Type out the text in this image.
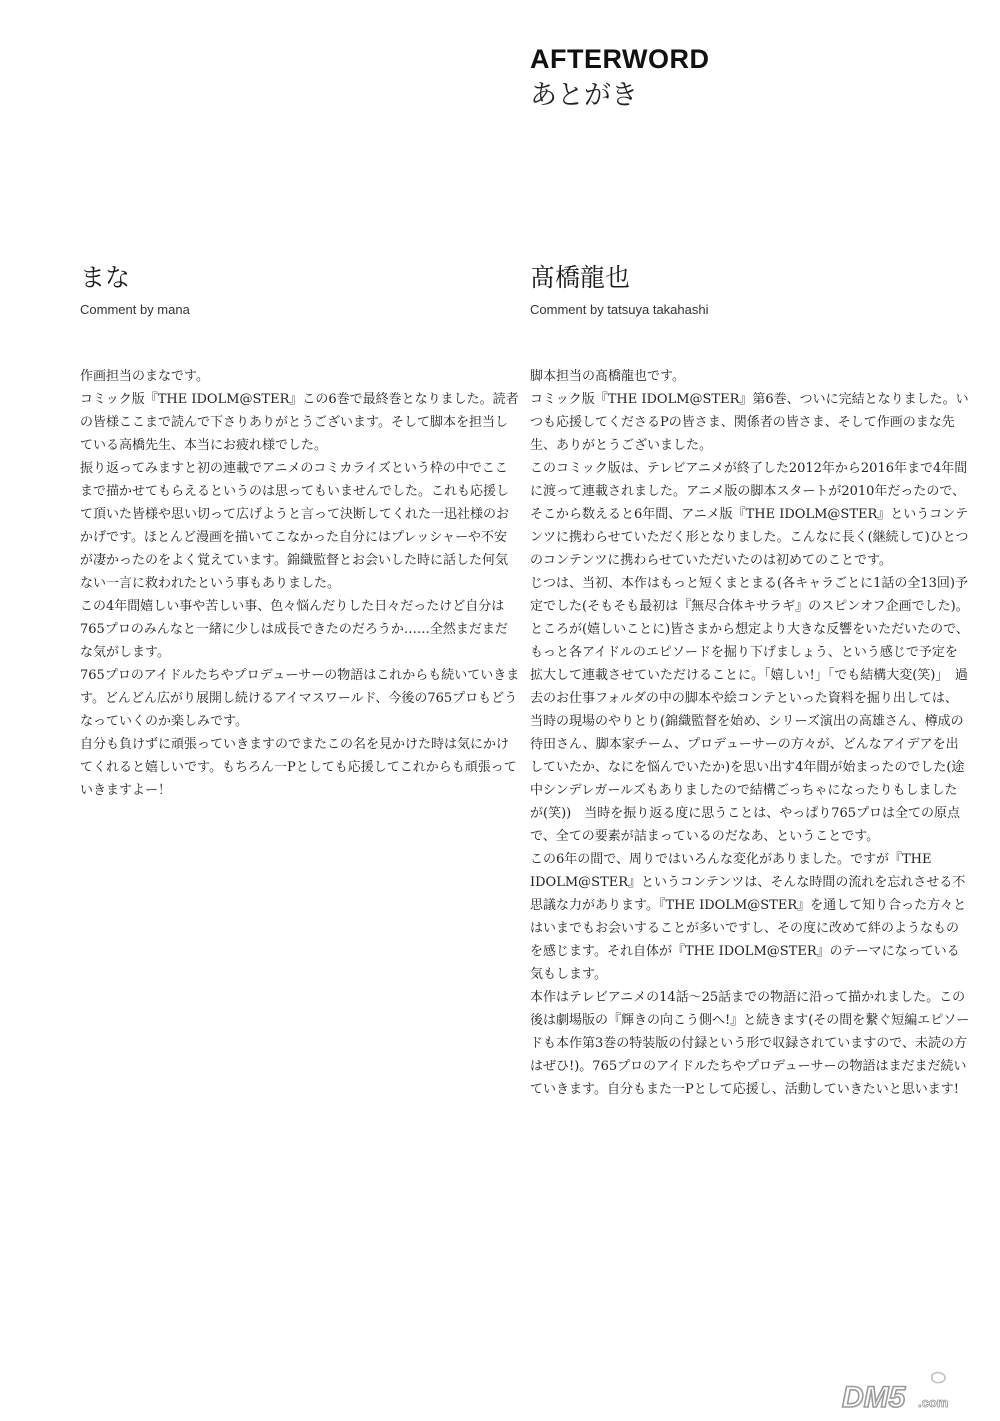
AFTERWORD
あとがき
まな

Comment by mana

作画担当のまなです。
コミック版『THE IDOLM@STER』この6巻で最終巻となりました。読者の皆様ここまで読んで下さりありがとうございます。そして脚本を担当している高橋先生、本当にお疲れ様でした。

振り返ってみますと初の連載でアニメのコミカライズという枠の中でここまで描かせてもらえるというのは思ってもいませんでした。これも応援して頂いた皆様や思い切って広げようと言って決断してくれた一迅社様のおかげです。ほとんど漫画を描いてこなかった自分にはプレッシャーや不安が凄かったのをよく覚えています。錦織監督とお会いした時に話した何気ない一言に救われたという事もありました。

この4年間嬉しい事や苦しい事、色々悩んだりした日々だったけど自分は765プロのみんなと一緒に少しは成長できたのだろうか……全然まだまだな気がします。

765プロのアイドルたちやプロデューサーの物語はこれからも続いていきます。どんどん広がり展開し続けるアイマスワールド、今後の765プロもどうなっていくのか楽しみです。

自分も負けずに頑張っていきますのでまたこの名を見かけた時は気にかけてくれると嬉しいです。もちろん一Pとしても応援してこれからも頑張っていきますよー！

髙橋龍也

Comment by tatsuya takahashi

脚本担当の髙橋龍也です。
コミック版『THE IDOLM@STER』第6巻、ついに完結となりました。いつも応援してくださるPの皆さま、関係者の皆さま、そして作画のまな先生、ありがとうございました。

このコミック版は、テレビアニメが終了した2012年から2016年まで4年間に渡って連載されました。アニメ版の脚本スタートが2010年だったので、そこから数えると6年間、アニメ版『THE IDOLM@STER』というコンテンツに携わらせていただく形となりました。こんなに長く(継続して)ひとつのコンテンツに携わらせていただいたのは初めてのことです。

じつは、当初、本作はもっと短くまとまる(各キャラごとに1話の全13回)予定でした(そもそも最初は『無尽合体キサラギ』のスピンオフ企画でした)。

ところが(嬉しいことに)皆さまから想定より大きな反響をいただいたので、もっと各アイドルのエピソードを掘り下げましょう、という感じで予定を拡大して連載させていただけることに。「嬉しい!」「でも結構大変(笑)」　過去のお仕事フォルダの中の脚本や絵コンテといった資料を掘り出しては、当時の現場のやりとり(錦織監督を始め、シリーズ演出の高雄さん、樽成の待田さん、脚本家チーム、プロデューサーの方々が、どんなアイデアを出していたか、なにを悩んでいたか)を思い出す4年間が始まったのでした(途中シンデレガールズもありましたので結構ごっちゃになったりもしましたが(笑))　当時を振り返る度に思うことは、やっぱり765プロは全ての原点で、全ての要素が詰まっているのだなあ、ということです。

この6年の間で、周りではいろんな変化がありました。ですが『THE IDOLM@STER』というコンテンツは、そんな時間の流れを忘れさせる不思議な力があります。『THE IDOLM@STER』を通して知り合った方々とはいまでもお会いすることが多いですし、その度に改めて絆のようなものを感じます。それ自体が『THE IDOLM@STER』のテーマになっている気もします。

本作はテレビアニメの14話～25話までの物語に沿って描かれました。この後は劇場版の『輝きの向こう側へ!』と続きます(その間を繋ぐ短編エピソードも本作第3巻の特装版の付録という形で収録されていますので、未読の方はぜひ!)。765プロのアイドルたちやプロデューサーの物語はまだまだ続いていきます。自分もまた一Pとして応援し、活動していきたいと思います!

DM5 .com
